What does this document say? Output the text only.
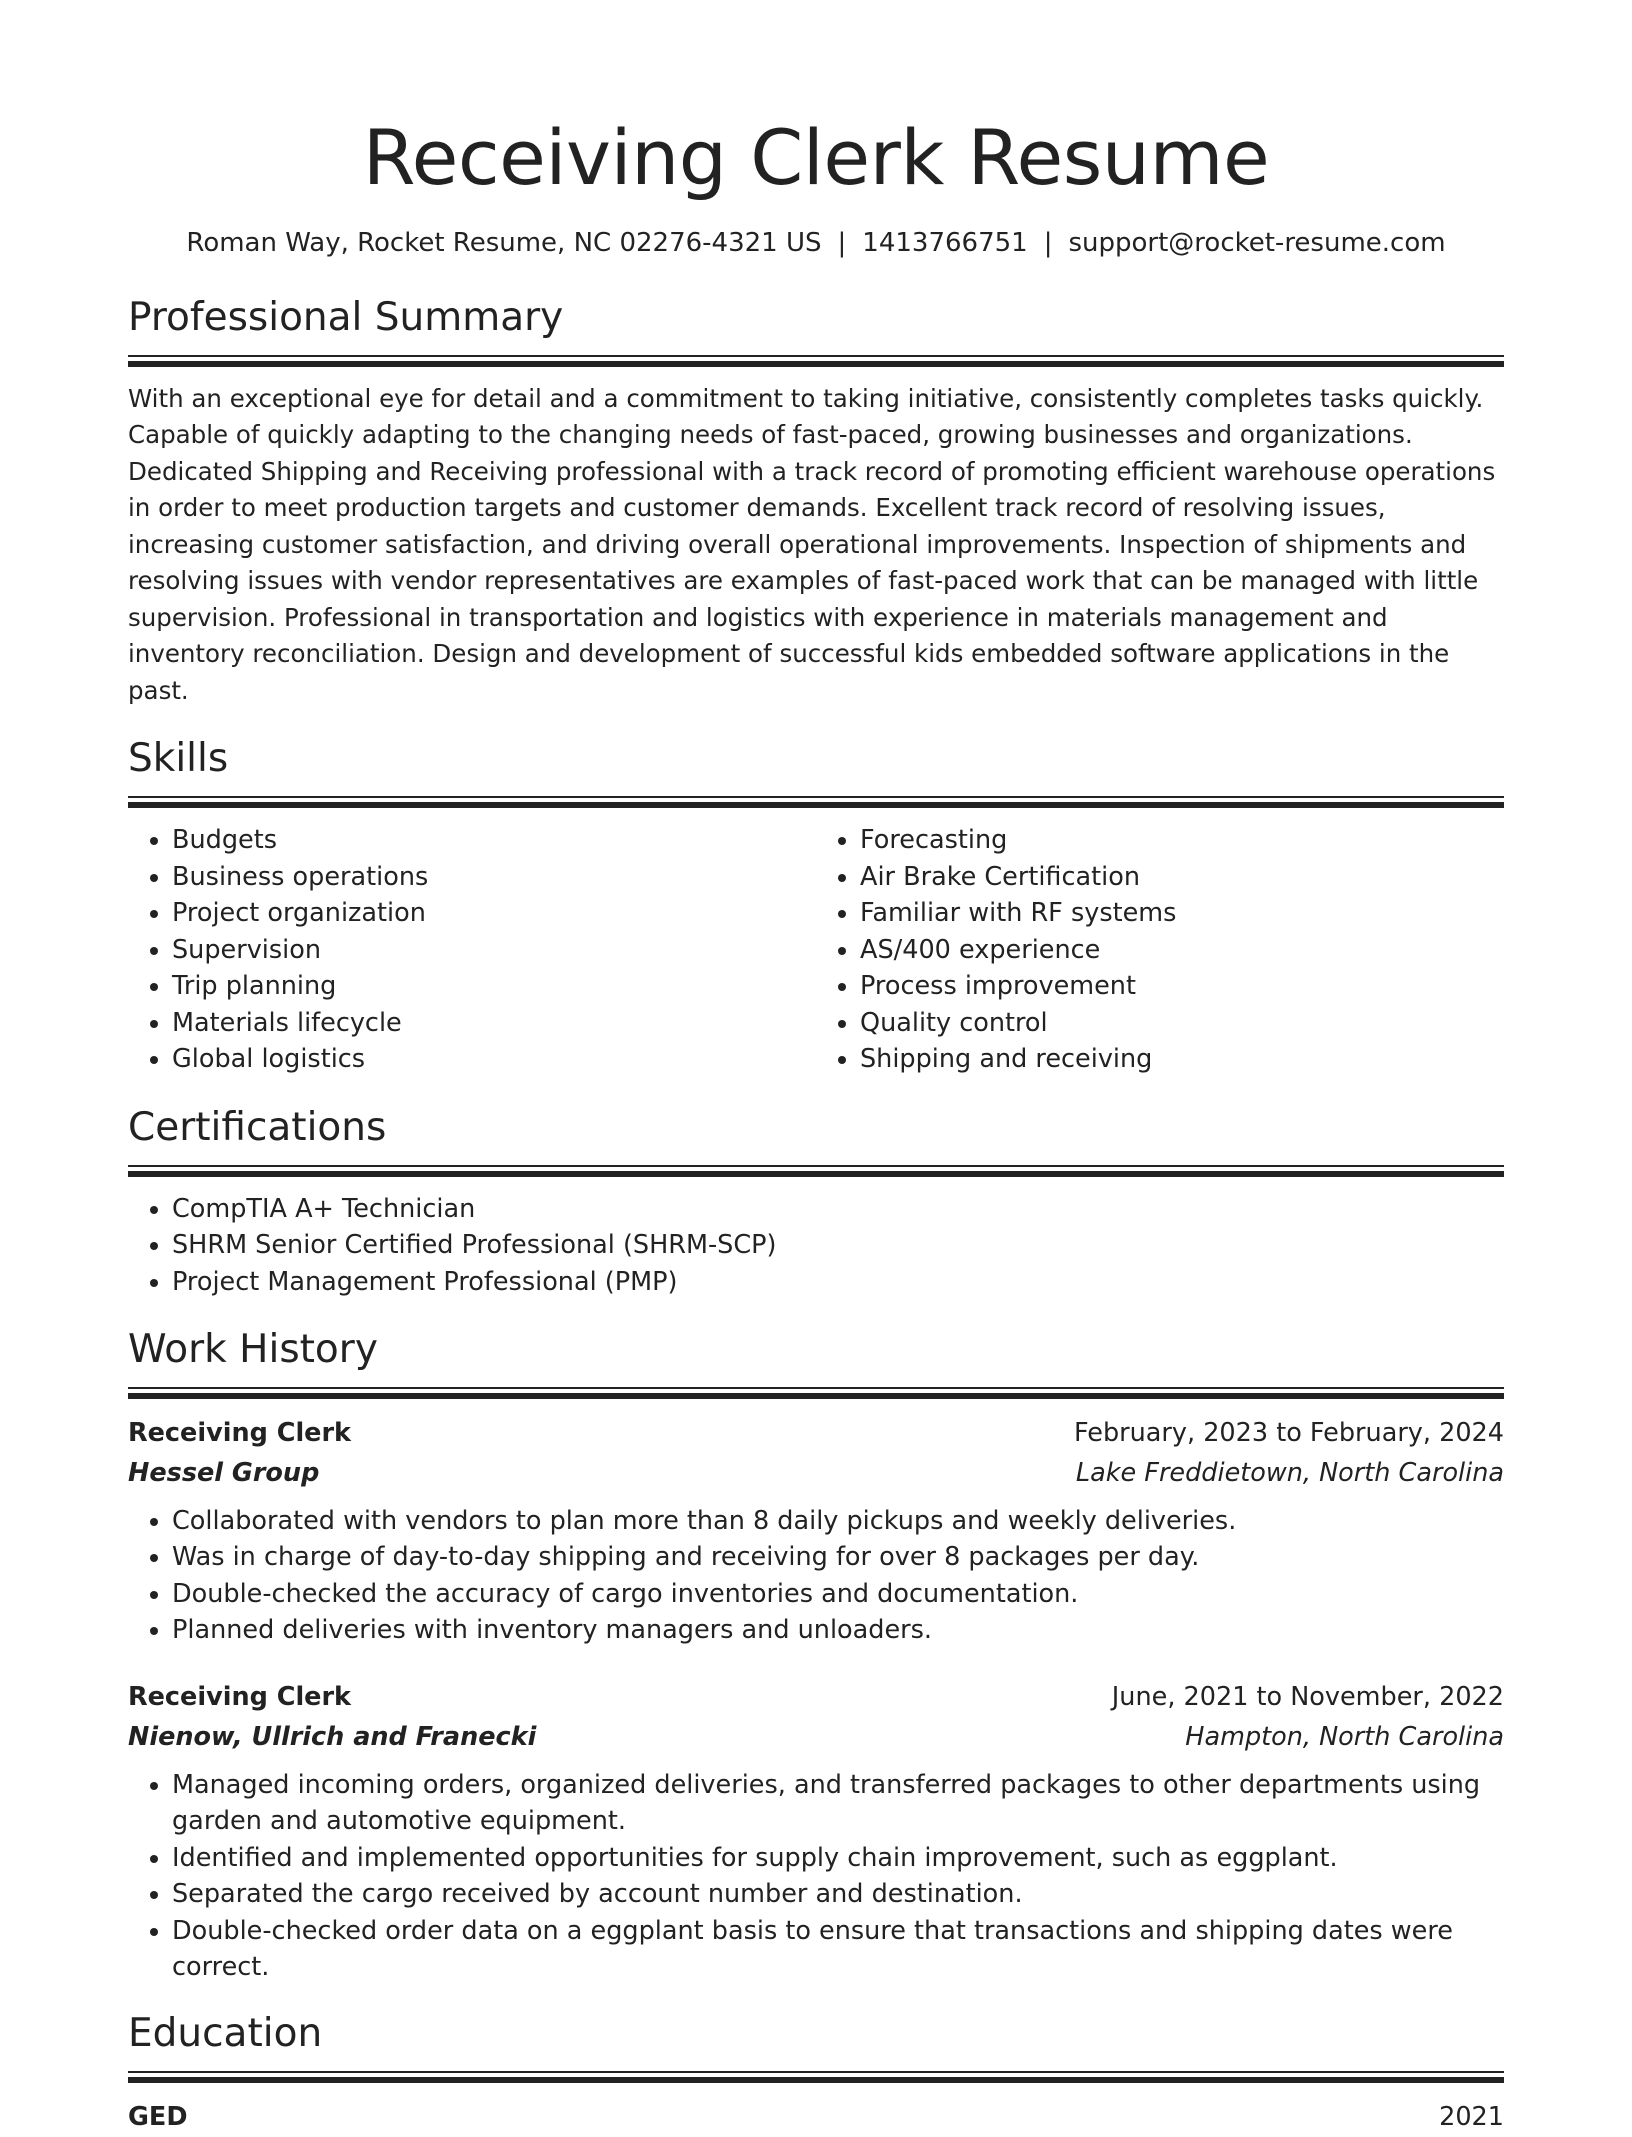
Receiving Clerk Resume
Roman Way, Rocket Resume, NC 02276-4321 US | 1413766751 | support@rocket-resume.com
Professional Summary

With an exceptional eye for detail and a commitment to taking initiative, consistently completes tasks quickly. Capable of quickly adapting to the changing needs of fast-paced, growing businesses and organizations. Dedicated Shipping and Receiving professional with a track record of promoting efficient warehouse operations in order to meet production targets and customer demands. Excellent track record of resolving issues, increasing customer satisfaction, and driving overall operational improvements. Inspection of shipments and resolving issues with vendor representatives are examples of fast-paced work that can be managed with little supervision. Professional in transportation and logistics with experience in materials management and inventory reconciliation. Design and development of successful kids embedded software applications in the past.

Skills
• Budgets
• Business operations
• Project organization
• Supervision
• Trip planning
• Materials lifecycle
• Global logistics
• Forecasting
• Air Brake Certification
• Familiar with RF systems
• AS/400 experience
• Process improvement
• Quality control
• Shipping and receiving
Certifications
• CompTIA A+ Technician
• SHRM Senior Certified Professional (SHRM-SCP)
• Project Management Professional (PMP)
Work History
Receiving Clerk	February, 2023 to February, 2024
Hessel Group	Lake Freddietown, North Carolina
• Collaborated with vendors to plan more than 8 daily pickups and weekly deliveries.
• Was in charge of day-to-day shipping and receiving for over 8 packages per day.
• Double-checked the accuracy of cargo inventories and documentation.
• Planned deliveries with inventory managers and unloaders.
Receiving Clerk	June, 2021 to November, 2022
Nienow, Ullrich and Franecki	Hampton, North Carolina
• Managed incoming orders, organized deliveries, and transferred packages to other departments using garden and automotive equipment.
• Identified and implemented opportunities for supply chain improvement, such as eggplant.
• Separated the cargo received by account number and destination.
• Double-checked order data on a eggplant basis to ensure that transactions and shipping dates were correct.
Education
GED	2021
